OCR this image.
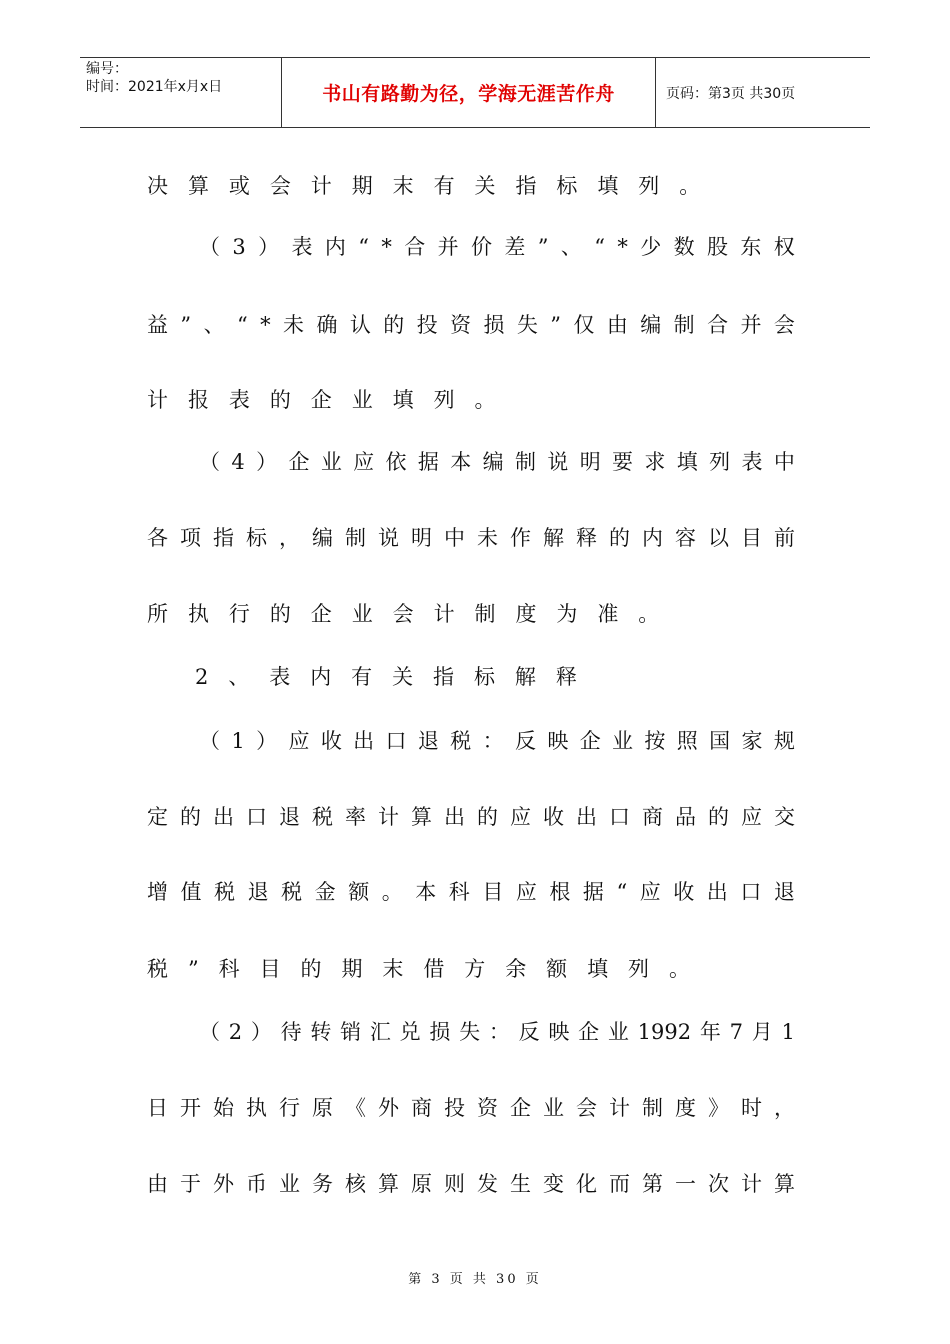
编号：
时间：2021年x月x日	书山有路勤为径，学海无涯苦作舟	页码：第3页 共30页
决 算 或 会 计 期 末 有 关 指 标 填 列 。
（ 3 ） 表 内 “ * 合 并 价 差 ” 、 “ * 少 数 股 东 权
益 ” 、 “ * 未 确 认 的 投 资 损 失 ” 仅 由 编 制 合 并 会
计 报 表 的 企 业 填 列 。
（ 4 ） 企 业 应 依 据 本 编 制 说 明 要 求 填 列 表 中
各 项 指 标 ， 编 制 说 明 中 未 作 解 释 的 内 容 以 目 前
所 执 行 的 企 业 会 计 制 度 为 准 。
2 、 表 内 有 关 指 标 解 释
（ 1 ） 应 收 出 口 退 税 ： 反 映 企 业 按 照 国 家 规
定 的 出 口 退 税 率 计 算 出 的 应 收 出 口 商 品 的 应 交
增 值 税 退 税 金 额 。 本 科 目 应 根 据 “ 应 收 出 口 退
税 ” 科 目 的 期 末 借 方 余 额 填 列 。
（ 2 ） 待 转 销 汇 兑 损 失 ： 反 映 企 业 1992 年 7 月 1
日 开 始 执 行 原 《 外 商 投 资 企 业 会 计 制 度 》 时 ，
由 于 外 币 业 务 核 算 原 则 发 生 变 化 而 第 一 次 计 算
第 3 页 共 30 页
